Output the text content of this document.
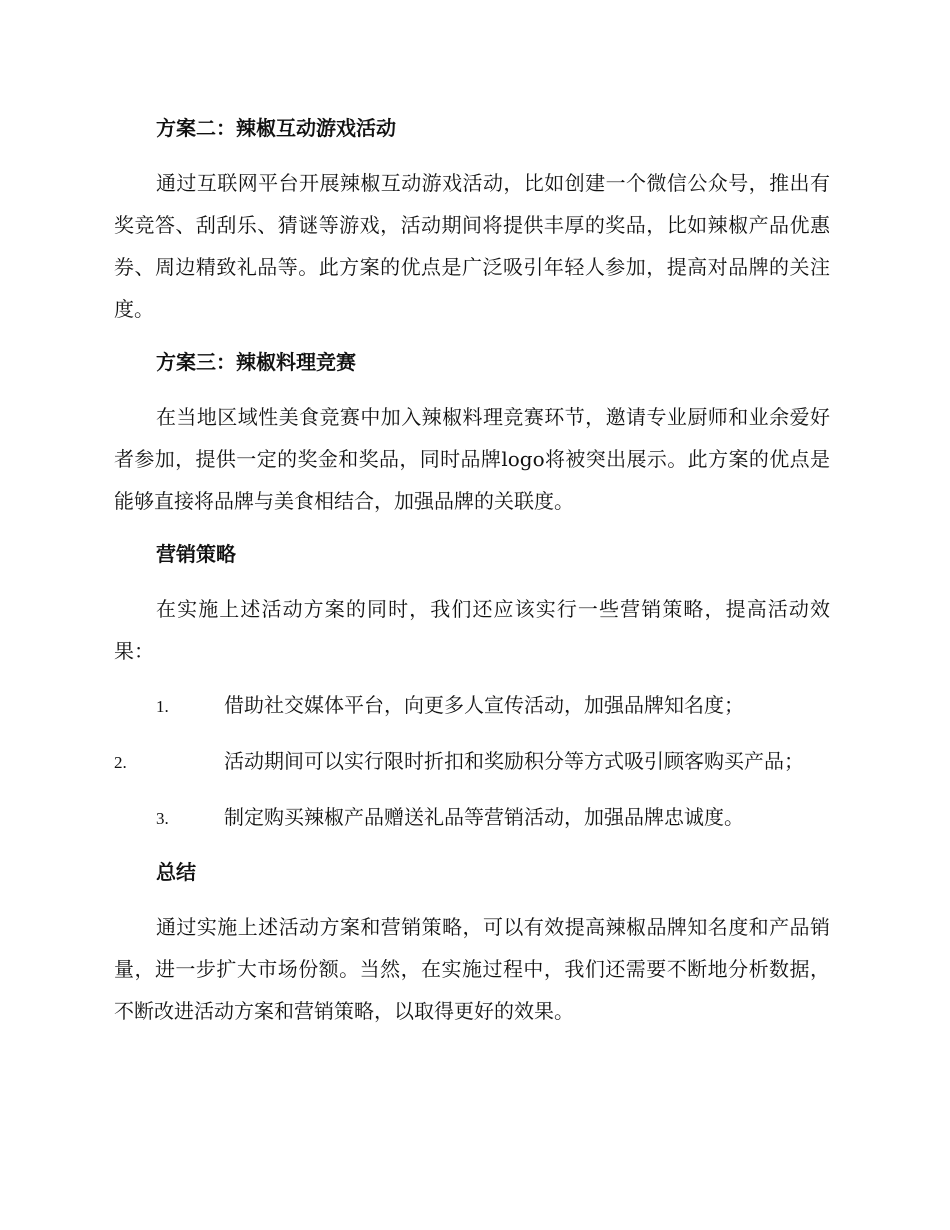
方案二：辣椒互动游戏活动

通过互联网平台开展辣椒互动游戏活动，比如创建一个微信公众号，推出有奖竞答、刮刮乐、猜谜等游戏，活动期间将提供丰厚的奖品，比如辣椒产品优惠券、周边精致礼品等。此方案的优点是广泛吸引年轻人参加，提高对品牌的关注度。

方案三：辣椒料理竞赛

在当地区域性美食竞赛中加入辣椒料理竞赛环节，邀请专业厨师和业余爱好者参加，提供一定的奖金和奖品，同时品牌logo将被突出展示。此方案的优点是能够直接将品牌与美食相结合，加强品牌的关联度。

营销策略

在实施上述活动方案的同时，我们还应该实行一些营销策略，提高活动效果：

1.	借助社交媒体平台，向更多人宣传活动，加强品牌知名度；

2.	活动期间可以实行限时折扣和奖励积分等方式吸引顾客购买产品；

3.	制定购买辣椒产品赠送礼品等营销活动，加强品牌忠诚度。

总结

通过实施上述活动方案和营销策略，可以有效提高辣椒品牌知名度和产品销量，进一步扩大市场份额。当然，在实施过程中，我们还需要不断地分析数据，不断改进活动方案和营销策略，以取得更好的效果。
